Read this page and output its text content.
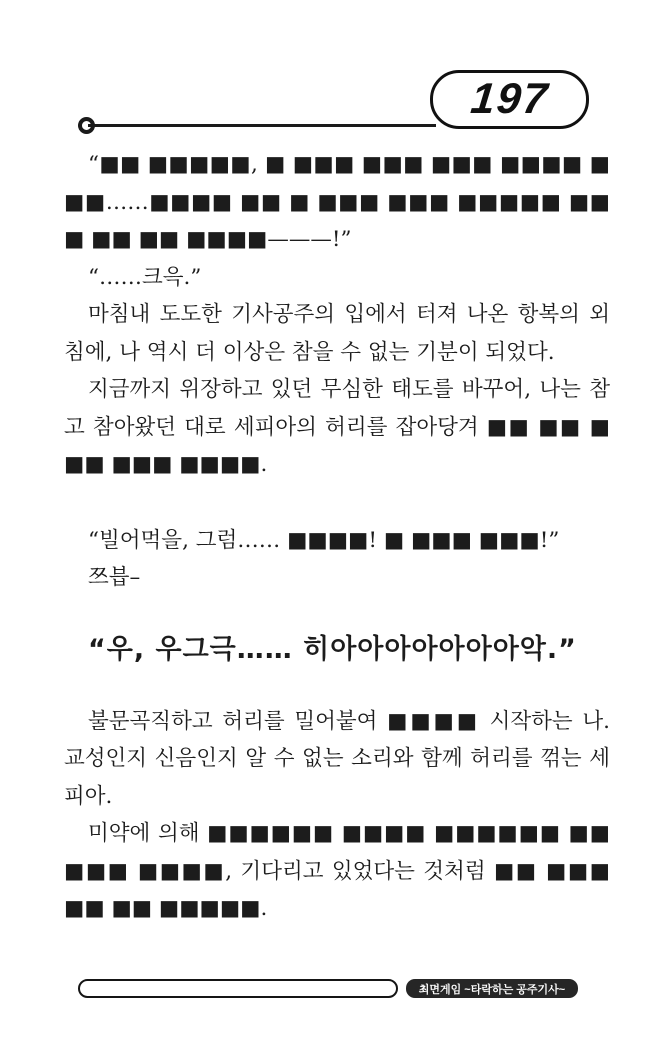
197

“■■ ■■■■■, ■ ■■■ ■■■ ■■■ ■■■■ ■■■……■■■■ ■■ ■ ■■■ ■■■ ■■■■■ ■■■ ■■ ■■ ■■■■———!”

“……크윽.”

마침내 도도한 기사공주의 입에서 터져 나온 항복의 외침에, 나 역시 더 이상은 참을 수 없는 기분이 되었다.

지금까지 위장하고 있던 무심한 태도를 바꾸어, 나는 참고 참아왔던 대로 세피아의 허리를 잡아당겨 ■■ ■■ ■■■ ■■■ ■■■■.

“빌어먹을, 그럼…… ■■■■! ■ ■■■ ■■■!”

쯔븝–

“우, 우그극…… 히아아아아아아아악.”

불문곡직하고 허리를 밀어붙여 ■■■■ 시작하는 나. 교성인지 신음인지 알 수 없는 소리와 함께 허리를 꺾는 세피아.

미약에 의해 ■■■■■■ ■■■■ ■■■■■■ ■■ ■■■ ■■■■, 기다리고 있었다는 것처럼 ■■ ■■■ ■■ ■■ ■■■■■.

최면게임 ~타락하는 공주기사~
